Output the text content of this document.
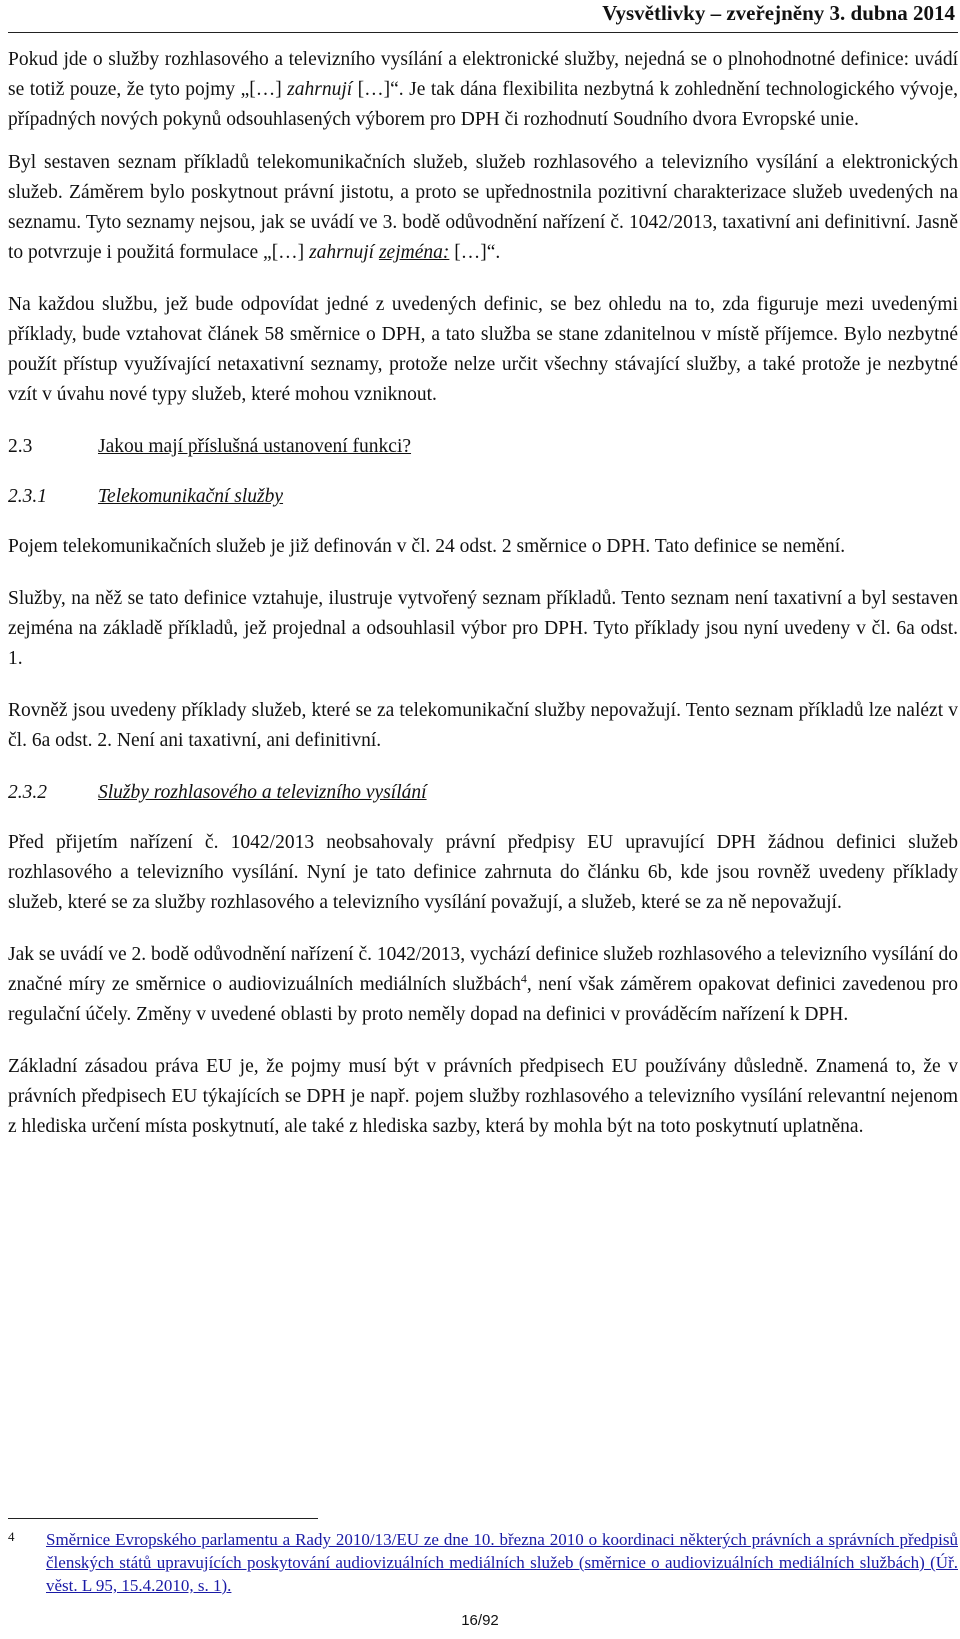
Vysvětlivky – zveřejněny 3. dubna 2014

Pokud jde o služby rozhlasového a televizního vysílání a elektronické služby, nejedná se o plnohodnotné definice: uvádí se totiž pouze, že tyto pojmy „[…] zahrnují […]“. Je tak dána flexibilita nezbytná k zohlednění technologického vývoje, případných nových pokynů odsouhlasených výborem pro DPH či rozhodnutí Soudního dvora Evropské unie.

Byl sestaven seznam příkladů telekomunikačních služeb, služeb rozhlasového a televizního vysílání a elektronických služeb. Záměrem bylo poskytnout právní jistotu, a proto se upřednostnila pozitivní charakterizace služeb uvedených na seznamu. Tyto seznamy nejsou, jak se uvádí ve 3. bodě odůvodnění nařízení č. 1042/2013, taxativní ani definitivní. Jasně to potvrzuje i použitá formulace „[…] zahrnují zejména: […]“.

Na každou službu, jež bude odpovídat jedné z uvedených definic, se bez ohledu na to, zda figuruje mezi uvedenými příklady, bude vztahovat článek 58 směrnice o DPH, a tato služba se stane zdanitelnou v místě příjemce. Bylo nezbytné použít přístup využívající netaxativní seznamy, protože nelze určit všechny stávající služby, a také protože je nezbytné vzít v úvahu nové typy služeb, které mohou vzniknout.

2.3	Jakou mají příslušná ustanovení funkci?
2.3.1	Telekomunikační služby

Pojem telekomunikačních služeb je již definován v čl. 24 odst. 2 směrnice o DPH. Tato definice se nemění.

Služby, na něž se tato definice vztahuje, ilustruje vytvořený seznam příkladů. Tento seznam není taxativní a byl sestaven zejména na základě příkladů, jež projednal a odsouhlasil výbor pro DPH. Tyto příklady jsou nyní uvedeny v čl. 6a odst. 1.

Rovněž jsou uvedeny příklady služeb, které se za telekomunikační služby nepovažují. Tento seznam příkladů lze nalézt v čl. 6a odst. 2. Není ani taxativní, ani definitivní.

2.3.2	Služby rozhlasového a televizního vysílání

Před přijetím nařízení č. 1042/2013 neobsahovaly právní předpisy EU upravující DPH žádnou definici služeb rozhlasového a televizního vysílání. Nyní je tato definice zahrnuta do článku 6b, kde jsou rovněž uvedeny příklady služeb, které se za služby rozhlasového a televizního vysílání považují, a služeb, které se za ně nepovažují.

Jak se uvádí ve 2. bodě odůvodnění nařízení č. 1042/2013, vychází definice služeb rozhlasového a televizního vysílání do značné míry ze směrnice o audiovizuálních mediálních službách$^4$, není však záměrem opakovat definici zavedenou pro regulační účely. Změny v uvedené oblasti by proto neměly dopad na definici v prováděcím nařízení k DPH.

Základní zásadou práva EU je, že pojmy musí být v právních předpisech EU používány důsledně. Znamená to, že v právních předpisech EU týkajících se DPH je např. pojem služby rozhlasového a televizního vysílání relevantní nejenom z hlediska určení místa poskytnutí, ale také z hlediska sazby, která by mohla být na toto poskytnutí uplatněna.

4	Směrnice Evropského parlamentu a Rady 2010/13/EU ze dne 10. března 2010 o koordinaci některých právních a správních předpisů členských států upravujících poskytování audiovizuálních mediálních služeb (směrnice o audiovizuálních mediálních službách) (Úř. věst. L 95, 15.4.2010, s. 1).
16/92
